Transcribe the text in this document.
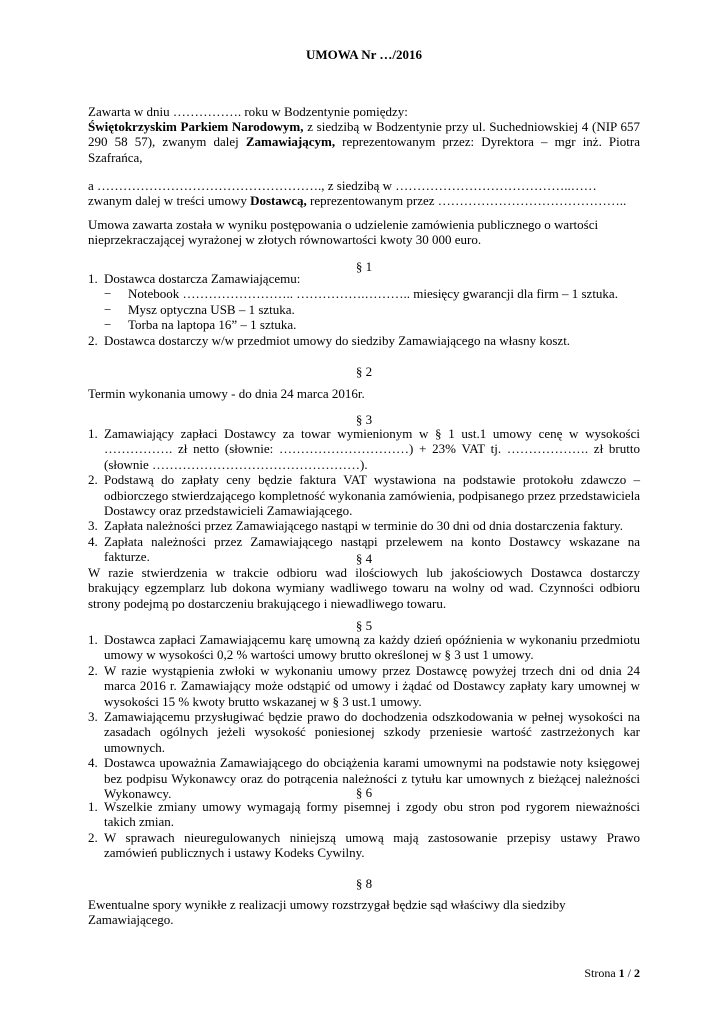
UMOWA Nr …/2016
Zawarta w dniu ……………. roku w Bodzentynie pomiędzy:
Świętokrzyskim Parkiem Narodowym, z siedzibą w Bodzentynie przy ul. Suchedniowskiej 4 (NIP 657 290 58 57), zwanym dalej Zamawiającym, reprezentowanym przez: Dyrektora – mgr inż. Piotra Szafrańca,
a ……………………………………………., z siedzibą w …………………………………..……
zwanym dalej w treści umowy Dostawcą, reprezentowanym przez ……………………………………..
Umowa zawarta została w wyniku postępowania o udzielenie zamówienia publicznego o wartości nieprzekraczającej wyrażonej w złotych równowartości kwoty 30 000 euro.
§ 1
1. Dostawca dostarcza Zamawiającemu:
− Notebook …………………….. …………….……….. miesięcy gwarancji dla firm – 1 sztuka.
− Mysz optyczna USB – 1 sztuka.
− Torba na laptopa 16” – 1 sztuka.
2. Dostawca dostarczy w/w przedmiot umowy do siedziby Zamawiającego na własny koszt.
§ 2
Termin wykonania umowy - do dnia 24 marca 2016r.
§ 3
1. Zamawiający zapłaci Dostawcy za towar wymienionym w § 1 ust.1 umowy cenę w wysokości ……………. zł netto (słownie: …………………………) + 23% VAT tj. ………………. zł brutto (słownie …………………………………………).
2. Podstawą do zapłaty ceny będzie faktura VAT wystawiona na podstawie protokołu zdawczo – odbiorczego stwierdzającego kompletność wykonania zamówienia, podpisanego przez przedstawiciela Dostawcy oraz przedstawicieli Zamawiającego.
3. Zapłata należności przez Zamawiającego nastąpi w terminie do 30 dni od dnia dostarczenia faktury.
4. Zapłata należności przez Zamawiającego nastąpi przelewem na konto Dostawcy wskazane na fakturze.	§ 4
W razie stwierdzenia w trakcie odbioru wad ilościowych lub jakościowych Dostawca dostarczy brakujący egzemplarz lub dokona wymiany wadliwego towaru na wolny od wad. Czynności odbioru strony podejmą po dostarczeniu brakującego i niewadliwego towaru.
§ 5
1. Dostawca zapłaci Zamawiającemu karę umowną za każdy dzień opóźnienia w wykonaniu przedmiotu umowy w wysokości 0,2 % wartości umowy brutto określonej w § 3 ust 1 umowy.
2. W razie wystąpienia zwłoki w wykonaniu umowy przez Dostawcę powyżej trzech dni od dnia 24 marca 2016 r. Zamawiający może odstąpić od umowy i żądać od Dostawcy zapłaty kary umownej w wysokości 15 % kwoty brutto wskazanej w § 3 ust.1 umowy.
3. Zamawiającemu przysługiwać będzie prawo do dochodzenia odszkodowania w pełnej wysokości na zasadach ogólnych jeżeli wysokość poniesionej szkody przeniesie wartość zastrzeżonych kar umownych.
4. Dostawca upoważnia Zamawiającego do obciążenia karami umownymi na podstawie noty księgowej bez podpisu Wykonawcy oraz do potrącenia należności z tytułu kar umownych z bieżącej należności Wykonawcy.	§ 6
1. Wszelkie zmiany umowy wymagają formy pisemnej i zgody obu stron pod rygorem nieważności takich zmian.
2. W sprawach nieuregulowanych niniejszą umową mają zastosowanie przepisy ustawy Prawo zamówień publicznych i ustawy Kodeks Cywilny.
§ 8
Ewentualne spory wynikłe z realizacji umowy rozstrzygał będzie sąd właściwy dla siedziby Zamawiającego.
Strona 1 / 2
